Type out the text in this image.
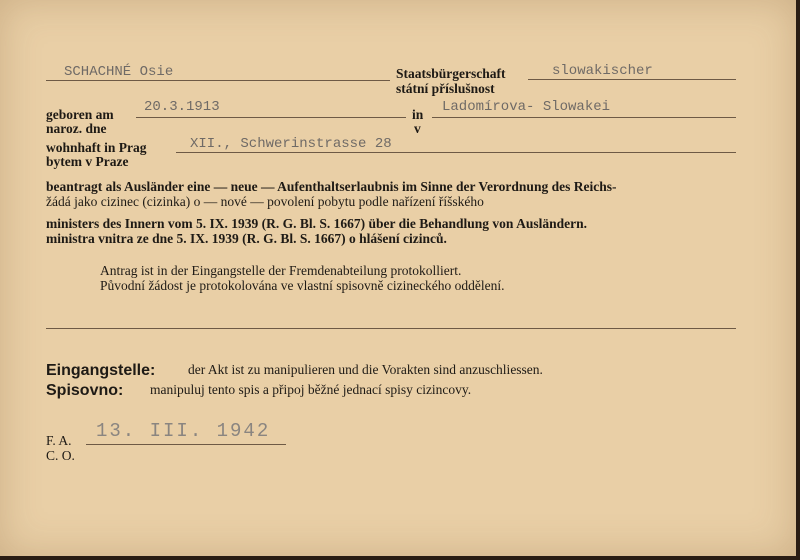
SCHACHNÉ Osie	Staatsbürgerschaft
státní příslušnost
slowakischer
geboren am
naroz. dne
20.3.1913	in
v
Ladomírova- Slowakei
wohnhaft in Prag
bytem v Praze
XII., Schwerinstrasse 28
beantragt als Ausländer eine — neue — Aufenthaltserlaubnis im Sinne der Verordnung des Reichs-
žádá jako cizinec (cizinka) o — nové — povolení pobytu podle nařízení říšského
ministers des Innern vom 5. IX. 1939 (R. G. Bl. S. 1667) über die Behandlung von Ausländern.
ministra vnitra ze dne 5. IX. 1939 (R. G. Bl. S. 1667) o hlášení cizinců.
Antrag ist in der Eingangstelle der Fremdenabteilung protokolliert.
Původní žádost je protokolována ve vlastní spisovně cizineckého oddělení.
Eingangstelle: der Akt ist zu manipulieren und die Vorakten sind anzuschliessen.
Spisovno: manipuluj tento spis a připoj běžné jednací spisy cizincovy.
F. A.
C. O.
13. III. 1942
